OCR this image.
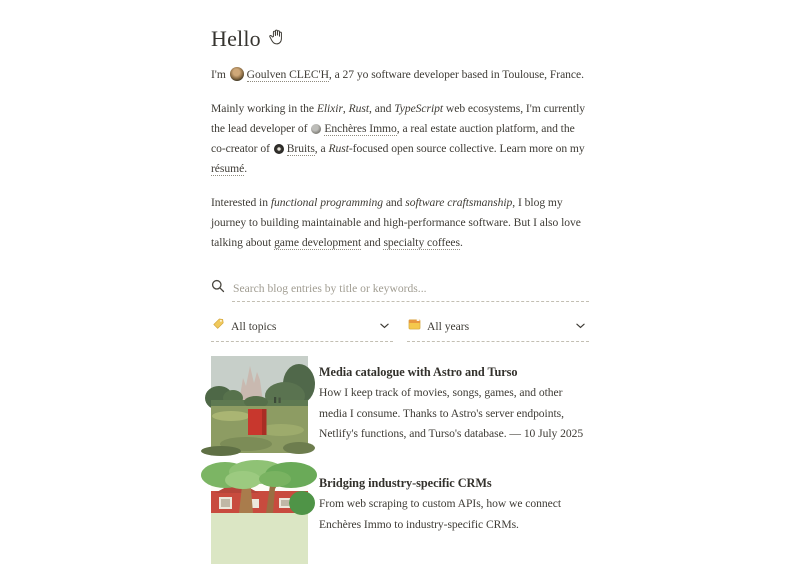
Hello

I'm Goulven CLEC'H, a 27 yo software developer based in Toulouse, France.

Mainly working in the Elixir, Rust, and TypeScript web ecosystems, I'm currently the lead developer of Enchères Immo, a real estate auction platform, and the co-creator of Bruits, a Rust-focused open source collective. Learn more on my résumé.

Interested in functional programming and software craftsmanship, I blog my journey to building maintainable and high-performance software. But I also love talking about game development and specialty coffees.

Search blog entries by title or keywords...
All topics	All years
Media catalogue with Astro and Turso

How I keep track of movies, songs, games, and other media I consume. Thanks to Astro's server endpoints, Netlify's functions, and Turso's database. — 10 July 2025

Bridging industry-specific CRMs

From web scraping to custom APIs, how we connect Enchères Immo to industry-specific CRMs.
